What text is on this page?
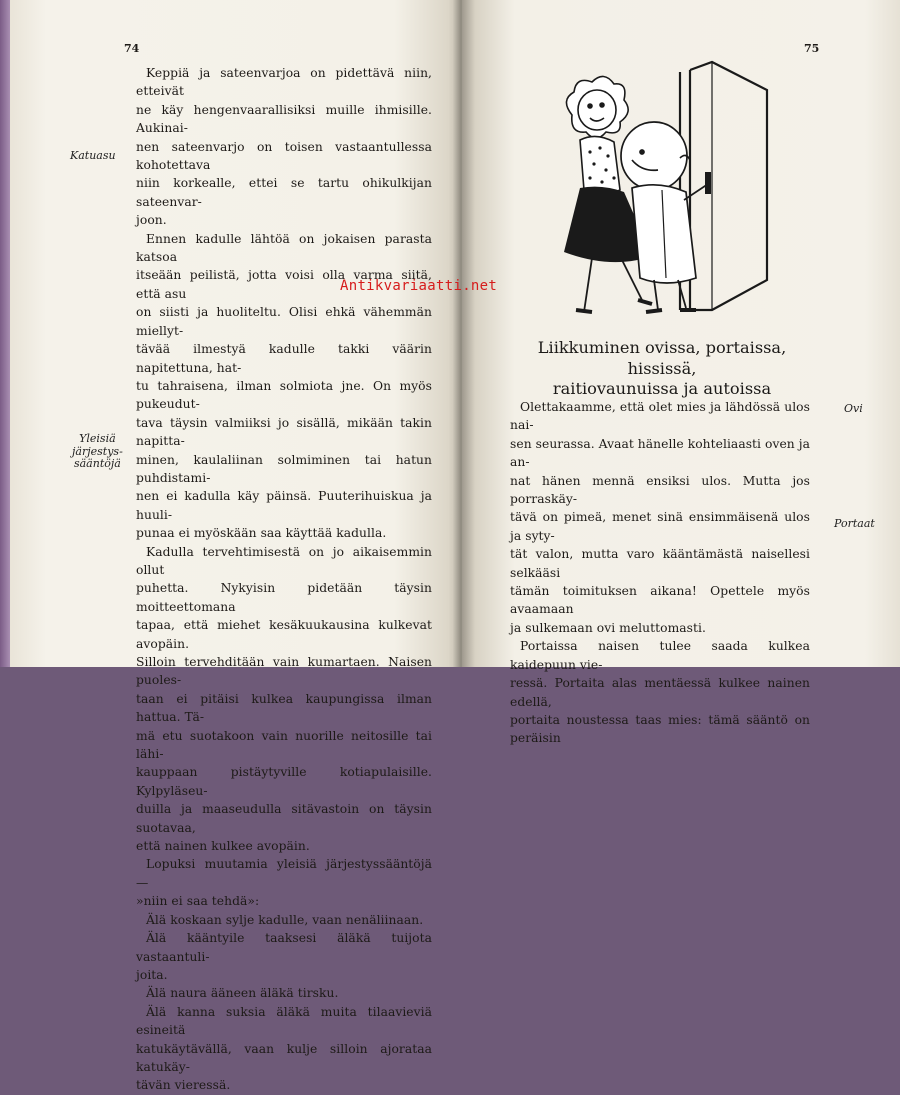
74
Katuasu
Yleisiä
järjestys-
sääntöjä

Keppiä ja sateenvarjoa on pidettävä niin, etteivät

ne käy hengenvaarallisiksi muille ihmisille. Aukinai-

nen sateenvarjo on toisen vastaantullessa kohotettava

niin korkealle, ettei se tartu ohikulkijan sateenvar-

joon.

Ennen kadulle lähtöä on jokaisen parasta katsoa

itseään peilistä, jotta voisi olla varma siitä, että asu

on siisti ja huoliteltu. Olisi ehkä vähemmän miellyt-

tävää ilmestyä kadulle takki väärin napitettuna, hat-

tu tahraisena, ilman solmiota jne. On myös pukeudut-

tava täysin valmiiksi jo sisällä, mikään takin napitta-

minen, kaulaliinan solmiminen tai hatun puhdistami-

nen ei kadulla käy päinsä. Puuterihuiskua ja huuli-

punaa ei myöskään saa käyttää kadulla.

Kadulla tervehtimisestä on jo aikaisemmin ollut

puhetta. Nykyisin pidetään täysin moitteettomana

tapaa, että miehet kesäkuukausina kulkevat avopäin.

Silloin tervehditään vain kumartaen. Naisen puoles-

taan ei pitäisi kulkea kaupungissa ilman hattua. Tä-

mä etu suotakoon vain nuorille neitosille tai lähi-

kauppaan pistäytyville kotiapulaisille. Kylpyläseu-

duilla ja maaseudulla sitävastoin on täysin suotavaa,

että nainen kulkee avopäin.

Lopuksi muutamia yleisiä järjestyssääntöjä —

»niin ei saa tehdä»:

Älä koskaan sylje kadulle, vaan nenäliinaan.

Älä kääntyile taaksesi äläkä tuijota vastaantuli-

joita.

Älä naura ääneen äläkä tirsku.

Älä kanna suksia äläkä muita tilaavieviä esineitä

katukäytävällä, vaan kulje silloin ajorataa katukäy-

tävän vieressä.

75
Liikkuminen ovissa, portaissa, hississä,
raitiovaunuissa ja autoissa
Ovi
Portaat

Olettakaamme, että olet mies ja lähdössä ulos nai-

sen seurassa. Avaat hänelle kohteliaasti oven ja an-

nat hänen mennä ensiksi ulos. Mutta jos porraskäy-

tävä on pimeä, menet sinä ensimmäisenä ulos ja syty-

tät valon, mutta varo kääntämästä naisellesi selkääsi

tämän toimituksen aikana! Opettele myös avaamaan

ja sulkemaan ovi meluttomasti.

Portaissa naisen tulee saada kulkea kaidepuun vie-

ressä. Portaita alas mentäessä kulkee nainen edellä,

portaita noustessa taas mies: tämä sääntö on peräisin

Antikvariaatti.net
